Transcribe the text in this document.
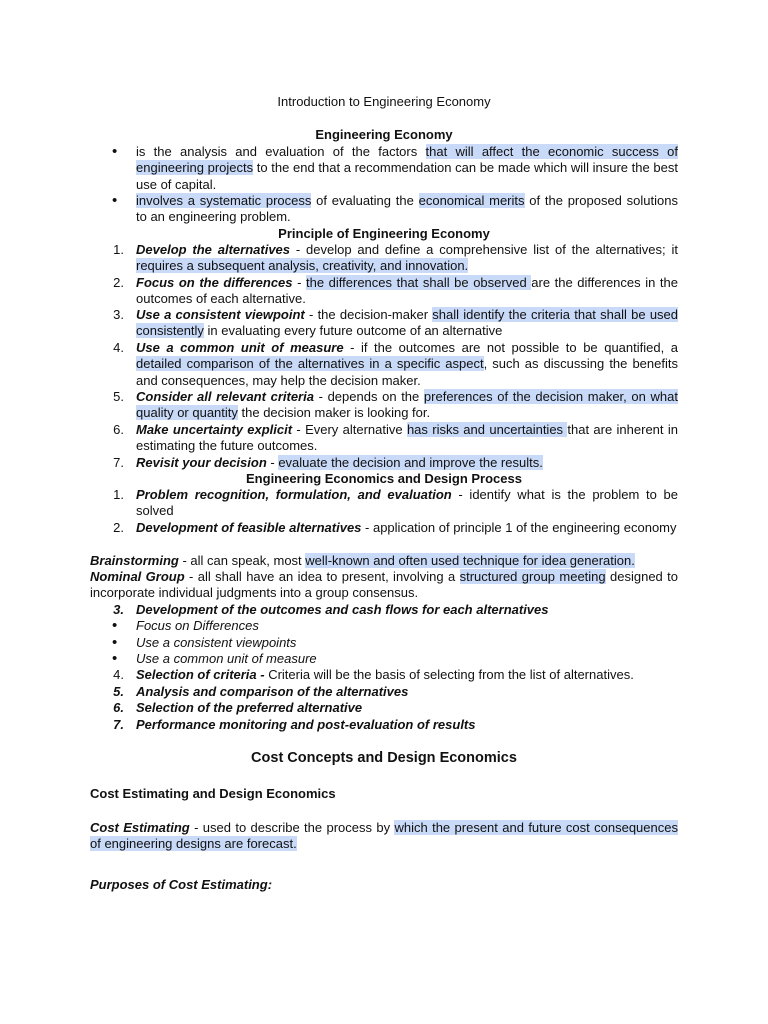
Introduction to Engineering Economy
Engineering Economy
•	is the analysis and evaluation of the factors that will affect the economic success of engineering projects to the end that a recommendation can be made which will insure the best use of capital.
•	involves a systematic process of evaluating the economical merits of the proposed solutions to an engineering problem.
Principle of Engineering Economy
1. Develop the alternatives - develop and define a comprehensive list of the alternatives; it requires a subsequent analysis, creativity, and innovation.
2. Focus on the differences - the differences that shall be observed are the differences in the outcomes of each alternative.
3. Use a consistent viewpoint - the decision-maker shall identify the criteria that shall be used consistently in evaluating every future outcome of an alternative
4. Use a common unit of measure - if the outcomes are not possible to be quantified, a detailed comparison of the alternatives in a specific aspect, such as discussing the benefits and consequences, may help the decision maker.
5. Consider all relevant criteria - depends on the preferences of the decision maker, on what quality or quantity the decision maker is looking for.
6. Make uncertainty explicit - Every alternative has risks and uncertainties that are inherent in estimating the future outcomes.
7. Revisit your decision - evaluate the decision and improve the results.
Engineering Economics and Design Process
1. Problem recognition, formulation, and evaluation - identify what is the problem to be solved
2. Development of feasible alternatives - application of principle 1 of the engineering economy
Brainstorming - all can speak, most well-known and often used technique for idea generation.
Nominal Group - all shall have an idea to present, involving a structured group meeting designed to incorporate individual judgments into a group consensus.
3. Development of the outcomes and cash flows for each alternatives
•	Focus on Differences
•	Use a consistent viewpoints
•	Use a common unit of measure
4. Selection of criteria - Criteria will be the basis of selecting from the list of alternatives.
5. Analysis and comparison of the alternatives
6. Selection of the preferred alternative
7. Performance monitoring and post-evaluation of results
Cost Concepts and Design Economics
Cost Estimating and Design Economics
Cost Estimating - used to describe the process by which the present and future cost consequences of engineering designs are forecast.
Purposes of Cost Estimating:
